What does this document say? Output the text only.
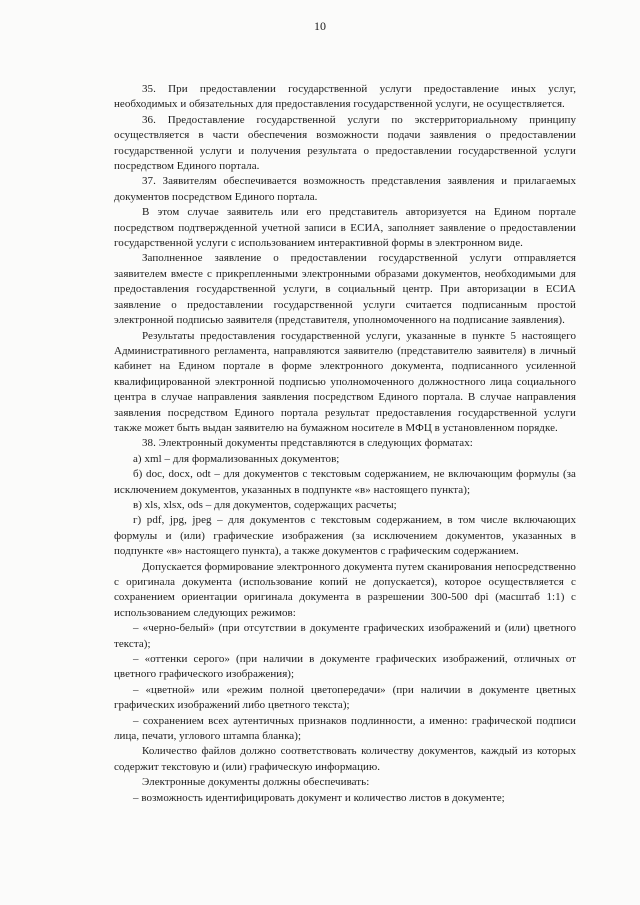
10

35. При предоставлении государственной услуги предоставление иных услуг, необходимых и обязательных для предоставления государственной услуги, не осуществляется.

36. Предоставление государственной услуги по экстерриториальному принципу осуществляется в части обеспечения возможности подачи заявления о предоставлении государственной услуги и получения результата о предоставлении государственной услуги посредством Единого портала.

37. Заявителям обеспечивается возможность представления заявления и прилагаемых документов посредством Единого портала.

В этом случае заявитель или его представитель авторизуется на Едином портале посредством подтвержденной учетной записи в ЕСИА, заполняет заявление о предоставлении государственной услуги с использованием интерактивной формы в электронном виде.

Заполненное заявление о предоставлении государственной услуги отправляется заявителем вместе с прикрепленными электронными образами документов, необходимыми для предоставления государственной услуги, в социальный центр. При авторизации в ЕСИА заявление о предоставлении государственной услуги считается подписанным простой электронной подписью заявителя (представителя, уполномоченного на подписание заявления).

Результаты предоставления государственной услуги, указанные в пункте 5 настоящего Административного регламента, направляются заявителю (представителю заявителя) в личный кабинет на Едином портале в форме электронного документа, подписанного усиленной квалифицированной электронной подписью уполномоченного должностного лица социального центра в случае направления заявления посредством Единого портала. В случае направления заявления посредством Единого портала результат предоставления государственной услуги также может быть выдан заявителю на бумажном носителе в МФЦ в установленном порядке.

38. Электронный документы представляются в следующих форматах:

а) xml – для формализованных документов;

б) doc, docx, odt – для документов с текстовым содержанием, не включающим формулы (за исключением документов, указанных в подпункте «в» настоящего пункта);

в) xls, xlsx, ods – для документов, содержащих расчеты;

г) pdf, jpg, jpeg – для документов с текстовым содержанием, в том числе включающих формулы и (или) графические изображения (за исключением документов, указанных в подпункте «в» настоящего пункта), а также документов с графическим содержанием.

Допускается формирование электронного документа путем сканирования непосредственно с оригинала документа (использование копий не допускается), которое осуществляется с сохранением ориентации оригинала документа в разрешении 300-500 dpi (масштаб 1:1) с использованием следующих режимов:

– «черно-белый» (при отсутствии в документе графических изображений и (или) цветного текста);

– «оттенки серого» (при наличии в документе графических изображений, отличных от цветного графического изображения);

– «цветной» или «режим полной цветопередачи» (при наличии в документе цветных графических изображений либо цветного текста);

– сохранением всех аутентичных признаков подлинности, а именно: графической подписи лица, печати, углового штампа бланка);

Количество файлов должно соответствовать количеству документов, каждый из которых содержит текстовую и (или) графическую информацию.

Электронные документы должны обеспечивать:

– возможность идентифицировать документ и количество листов в документе;
